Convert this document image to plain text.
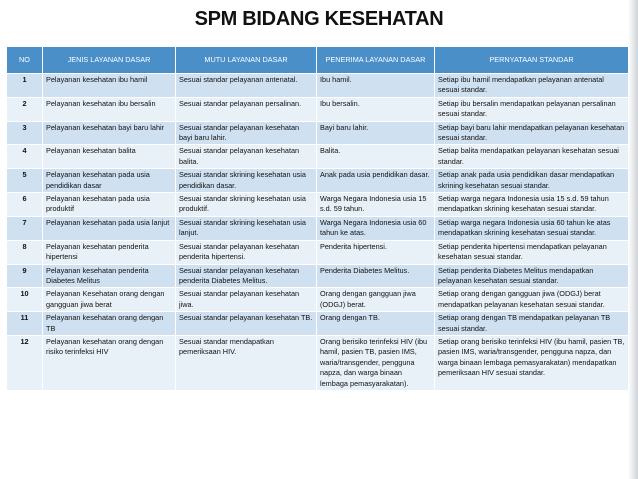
SPM BIDANG KESEHATAN
NO	JENIS LAYANAN DASAR	MUTU LAYANAN DASAR	PENERIMA LAYANAN DASAR	PERNYATAAN STANDAR
1	Pelayanan kesehatan ibu hamil	Sesuai standar pelayanan antenatal.	Ibu hamil.	Setiap ibu hamil mendapatkan pelayanan antenatal sesuai standar.
2	Pelayanan kesehatan ibu bersalin	Sesuai standar pelayanan persalinan.	Ibu bersalin.	Setiap ibu bersalin mendapatkan pelayanan persalinan sesuai standar.
3	Pelayanan kesehatan bayi baru lahir	Sesuai standar pelayanan kesehatan bayi baru lahir.	Bayi baru lahir.	Setiap bayi baru lahir mendapatkan pelayanan kesehatan sesuai standar.
4	Pelayanan kesehatan balita	Sesuai standar pelayanan kesehatan balita.	Balita.	Setiap balita mendapatkan pelayanan kesehatan sesuai standar.
5	Pelayanan kesehatan pada usia pendidikan dasar	Sesuai standar skrining kesehatan usia pendidikan dasar.	Anak pada usia pendidikan dasar.	Setiap anak pada usia pendidikan dasar mendapatkan skrining kesehatan sesuai standar.
6	Pelayanan kesehatan pada usia produktif	Sesuai standar skrining kesehatan usia produktif.	Warga Negara Indonesia usia 15 s.d. 59 tahun.	Setiap warga negara Indonesia usia 15 s.d. 59 tahun mendapatkan skrining kesehatan sesuai standar.
7	Pelayanan kesehatan pada usia lanjut	Sesuai standar skrining kesehatan usia lanjut.	Warga Negara Indonesia usia 60 tahun ke atas.	Setiap warga negara Indonesia usia 60 tahun ke atas mendapatkan skrining kesehatan sesuai standar.
8	Pelayanan kesehatan penderita hipertensi	Sesuai standar pelayanan kesehatan penderita hipertensi.	Penderita hipertensi.	Setiap penderita hipertensi mendapatkan pelayanan kesehatan sesuai standar.
9	Pelayanan kesehatan penderita Diabetes Melitus	Sesuai standar pelayanan kesehatan penderita Diabetes Melitus.	Penderita Diabetes Melitus.	Setiap penderita Diabetes Melitus mendapatkan pelayanan kesehatan sesuai standar.
10	Pelayanan Kesehatan orang dengan gangguan jiwa berat	Sesuai standar pelayanan kesehatan jiwa.	Orang dengan gangguan jiwa (ODGJ) berat.	Setiap orang dengan gangguan jiwa (ODGJ) berat mendapatkan pelayanan kesehatan sesuai standar.
11	Pelayanan kesehatan orang dengan TB	Sesuai standar pelayanan kesehatan TB.	Orang dengan TB.	Setiap orang dengan TB mendapatkan pelayanan TB sesuai standar.
12	Pelayanan kesehatan orang dengan risiko terinfeksi HIV	Sesuai standar mendapatkan pemeriksaan HIV.	Orang berisiko terinfeksi HIV (ibu hamil, pasien TB, pasien IMS, waria/transgender, pengguna napza, dan warga binaan lembaga pemasyarakatan).	Setiap orang berisiko terinfeksi HIV (ibu hamil, pasien TB, pasien IMS, waria/transgender, pengguna napza, dan warga binaan lembaga pemasyarakatan) mendapatkan pemeriksaan HIV sesuai standar.
